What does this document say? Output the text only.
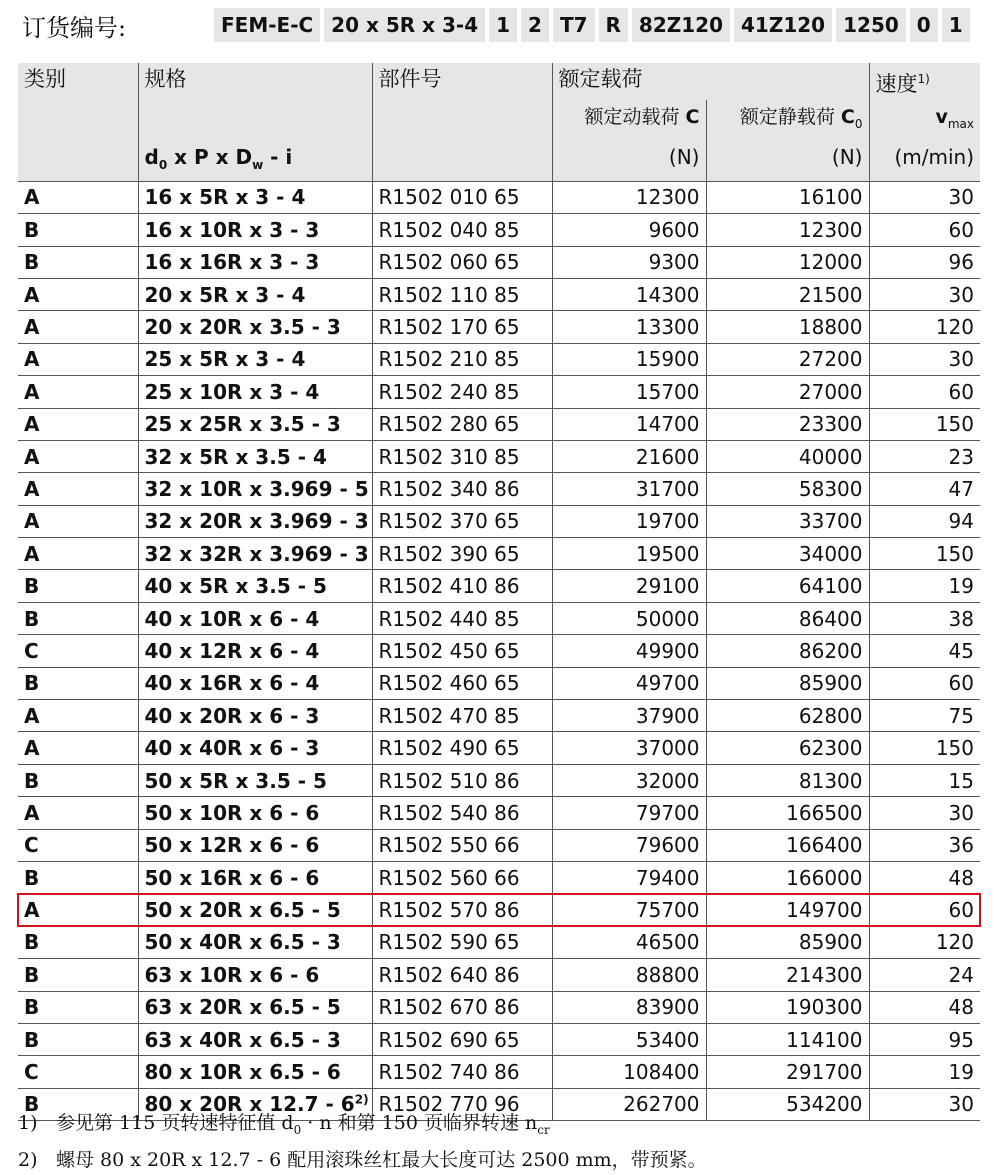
订货编号:	FEM-E-C 20 x 5R x 3-4 1 2 T7 R 82Z120 41Z120 1250 0 1
类别	规格	部件号	额定载荷		速度$^{1)}$
			额定动载荷 C	额定静载荷 $C_0$	$v_{max}$
	$d_0$ x P x $D_w$ - i		(N)	(N)	(m/min)
A	16 x 5R x 3 - 4	R1502 010 65	12300	16100	30
B	16 x 10R x 3 - 3	R1502 040 85	9600	12300	60
B	16 x 16R x 3 - 3	R1502 060 65	9300	12000	96
A	20 x 5R x 3 - 4	R1502 110 85	14300	21500	30
A	20 x 20R x 3.5 - 3	R1502 170 65	13300	18800	120
A	25 x 5R x 3 - 4	R1502 210 85	15900	27200	30
A	25 x 10R x 3 - 4	R1502 240 85	15700	27000	60
A	25 x 25R x 3.5 - 3	R1502 280 65	14700	23300	150
A	32 x 5R x 3.5 - 4	R1502 310 85	21600	40000	23
A	32 x 10R x 3.969 - 5	R1502 340 86	31700	58300	47
A	32 x 20R x 3.969 - 3	R1502 370 65	19700	33700	94
A	32 x 32R x 3.969 - 3	R1502 390 65	19500	34000	150
B	40 x 5R x 3.5 - 5	R1502 410 86	29100	64100	19
B	40 x 10R x 6 - 4	R1502 440 85	50000	86400	38
C	40 x 12R x 6 - 4	R1502 450 65	49900	86200	45
B	40 x 16R x 6 - 4	R1502 460 65	49700	85900	60
A	40 x 20R x 6 - 3	R1502 470 85	37900	62800	75
A	40 x 40R x 6 - 3	R1502 490 65	37000	62300	150
B	50 x 5R x 3.5 - 5	R1502 510 86	32000	81300	15
A	50 x 10R x 6 - 6	R1502 540 86	79700	166500	30
C	50 x 12R x 6 - 6	R1502 550 66	79600	166400	36
B	50 x 16R x 6 - 6	R1502 560 66	79400	166000	48
A	50 x 20R x 6.5 - 5	R1502 570 86	75700	149700	60
B	50 x 40R x 6.5 - 3	R1502 590 65	46500	85900	120
B	63 x 10R x 6 - 6	R1502 640 86	88800	214300	24
B	63 x 20R x 6.5 - 5	R1502 670 86	83900	190300	48
B	63 x 40R x 6.5 - 3	R1502 690 65	53400	114100	95
C	80 x 10R x 6.5 - 6	R1502 740 86	108400	291700	19
B	80 x 20R x 12.7 - 6$^{2)}$	R1502 770 96	262700	534200	30
1) 参见第 115 页转速特征值 $d_0 \cdot n$ 和第 150 页临界转速 $n_{cr}$
2) 螺母 80 x 20R x 12.7 - 6 配用滚珠丝杠最大长度可达 2500 mm，带预紧。
